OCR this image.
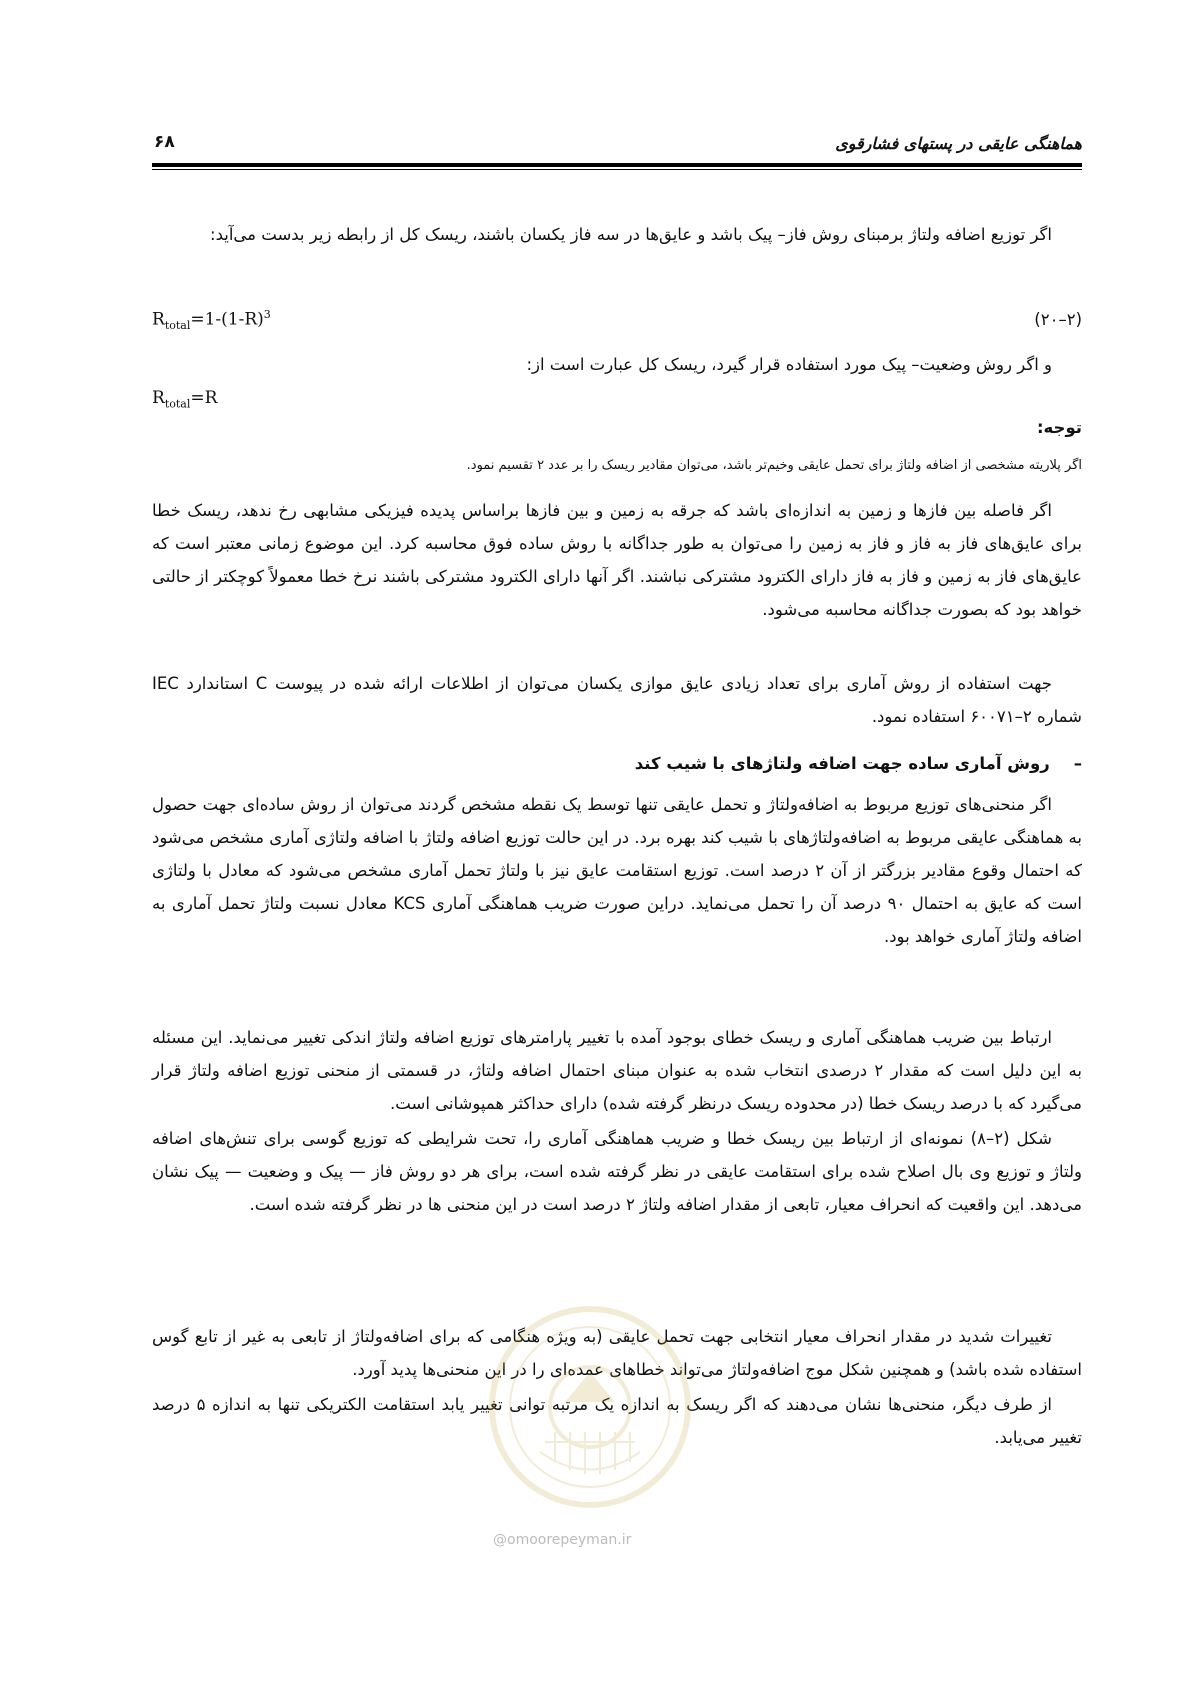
هماهنگی عایقی در پستهای فشارقوی
۶۸
اگر توزیع اضافه ولتاژ برمبنای روش فاز– پیک باشد و عایق‌ها در سه فاز یکسان باشند، ریسک کل از رابطه زیر بدست می‌آید:
$R_{total}=1-(1-R)^3$	(۲–۲۰)
و اگر روش وضعیت– پیک مورد استفاده قرار گیرد، ریسک کل عبارت است از:
$R_{total}=R$
توجه:
اگر پلاریته مشخصی از اضافه ولتاژ برای تحمل عایقی وخیم‌تر باشد، می‌توان مقادیر ریسک را بر عدد ۲ تقسیم نمود.
اگر فاصله بین فازها و زمین به اندازه‌ای باشد که جرقه به زمین و بین فازها براساس پدیده فیزیکی مشابهی رخ ندهد، ریسک خطا برای عایق‌های فاز به فاز و فاز به زمین را می‌توان به طور جداگانه با روش ساده فوق محاسبه کرد. این موضوع زمانی معتبر است که عایق‌های فاز به زمین و فاز به فاز دارای الکترود مشترکی نباشند. اگر آنها دارای الکترود مشترکی باشند نرخ خطا معمولاً کوچکتر از حالتی خواهد بود که بصورت جداگانه محاسبه می‌شود.
جهت استفاده از روش آماری برای تعداد زیادی عایق موازی یکسان می‌توان از اطلاعات ارائه شده در پیوست C استاندارد IEC شماره ۲–۶۰۰۷۱ استفاده نمود.
–روش آماری ساده جهت اضافه ولتاژهای با شیب کند
اگر منحنی‌های توزیع مربوط به اضافه‌ولتاژ و تحمل عایقی تنها توسط یک نقطه مشخص گردند می‌توان از روش ساده‌ای جهت حصول به هماهنگی عایقی مربوط به اضافه‌ولتاژهای با شیب کند بهره برد. در این حالت توزیع اضافه ولتاژ با اضافه ولتاژی آماری مشخص می‌شود که احتمال وقوع مقادیر بزرگتر از آن ۲ درصد است. توزیع استقامت عایق نیز با ولتاژ تحمل آماری مشخص می‌شود که معادل با ولتاژی است که عایق به احتمال ۹۰ درصد آن را تحمل می‌نماید. دراین صورت ضریب هماهنگی آماری KCS معادل نسبت ولتاژ تحمل آماری به اضافه ولتاژ آماری خواهد بود.
ارتباط بین ضریب هماهنگی آماری و ریسک خطای بوجود آمده با تغییر پارامترهای توزیع اضافه ولتاژ اندکی تغییر می‌نماید. این مسئله به این دلیل است که مقدار ۲ درصدی انتخاب شده به عنوان مبنای احتمال اضافه ولتاژ، در قسمتی از منحنی توزیع اضافه ولتاژ قرار می‌گیرد که با درصد ریسک خطا (در محدوده ریسک درنظر گرفته شده) دارای حداکثر همپوشانی است.
شکل (۲–۸) نمونه‌ای از ارتباط بین ریسک خطا و ضریب هماهنگی آماری را، تحت شرایطی که توزیع گوسی برای تنش‌های اضافه ولتاژ و توزیع وی بال اصلاح شده برای استقامت عایقی در نظر گرفته شده است، برای هر دو روش فاز — پیک و وضعیت — پیک نشان می‌دهد. این واقعیت که انحراف معیار، تابعی از مقدار اضافه ولتاژ ۲ درصد است در این منحنی ها در نظر گرفته شده است.
تغییرات شدید در مقدار انحراف معیار انتخابی جهت تحمل عایقی (به ویژه هنگامی که برای اضافه‌ولتاژ از تابعی به غیر از تابع گوس استفاده شده باشد) و همچنین شکل موج اضافه‌ولتاژ می‌تواند خطاهای عمده‌ای را در این منحنی‌ها پدید آورد.
از طرف دیگر، منحنی‌ها نشان می‌دهند که اگر ریسک به اندازه یک مرتبه توانی تغییر یابد استقامت الکتریکی تنها به اندازه ۵ درصد تغییر می‌یابد.
@omoorepeyman.ir
